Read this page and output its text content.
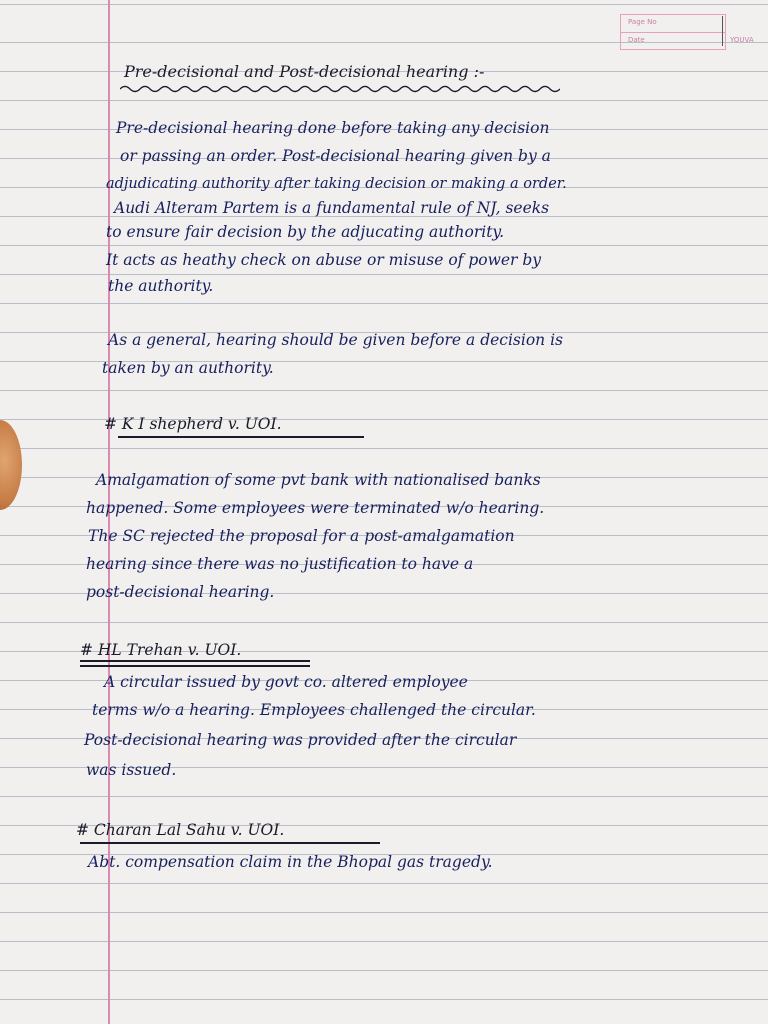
Page No
Date	YOUVA
Pre-decisional and Post-decisional hearing :-
Pre-decisional hearing done before taking any decision
or passing an order. Post-decisional hearing given by a
adjudicating authority after taking decision or making a order.
Audi Alteram Partem is a fundamental rule of NJ, seeks
to ensure fair decision by the adjucating authority.
It acts as heathy check on abuse or misuse of power by
the authority.
As a general, hearing should be given before a decision is
taken by an authority.
# K I shepherd v. UOI.
Amalgamation of some pvt bank with nationalised banks
happened. Some employees were terminated w/o hearing.
The SC rejected the proposal for a post-amalgamation
hearing since there was no justification to have a
post-decisional hearing.
# HL Trehan v. UOI.
A circular issued by govt co. altered employee
terms w/o a hearing. Employees challenged the circular.
Post-decisional hearing was provided after the circular
was issued.
# Charan Lal Sahu v. UOI.
Abt. compensation claim in the Bhopal gas tragedy.
